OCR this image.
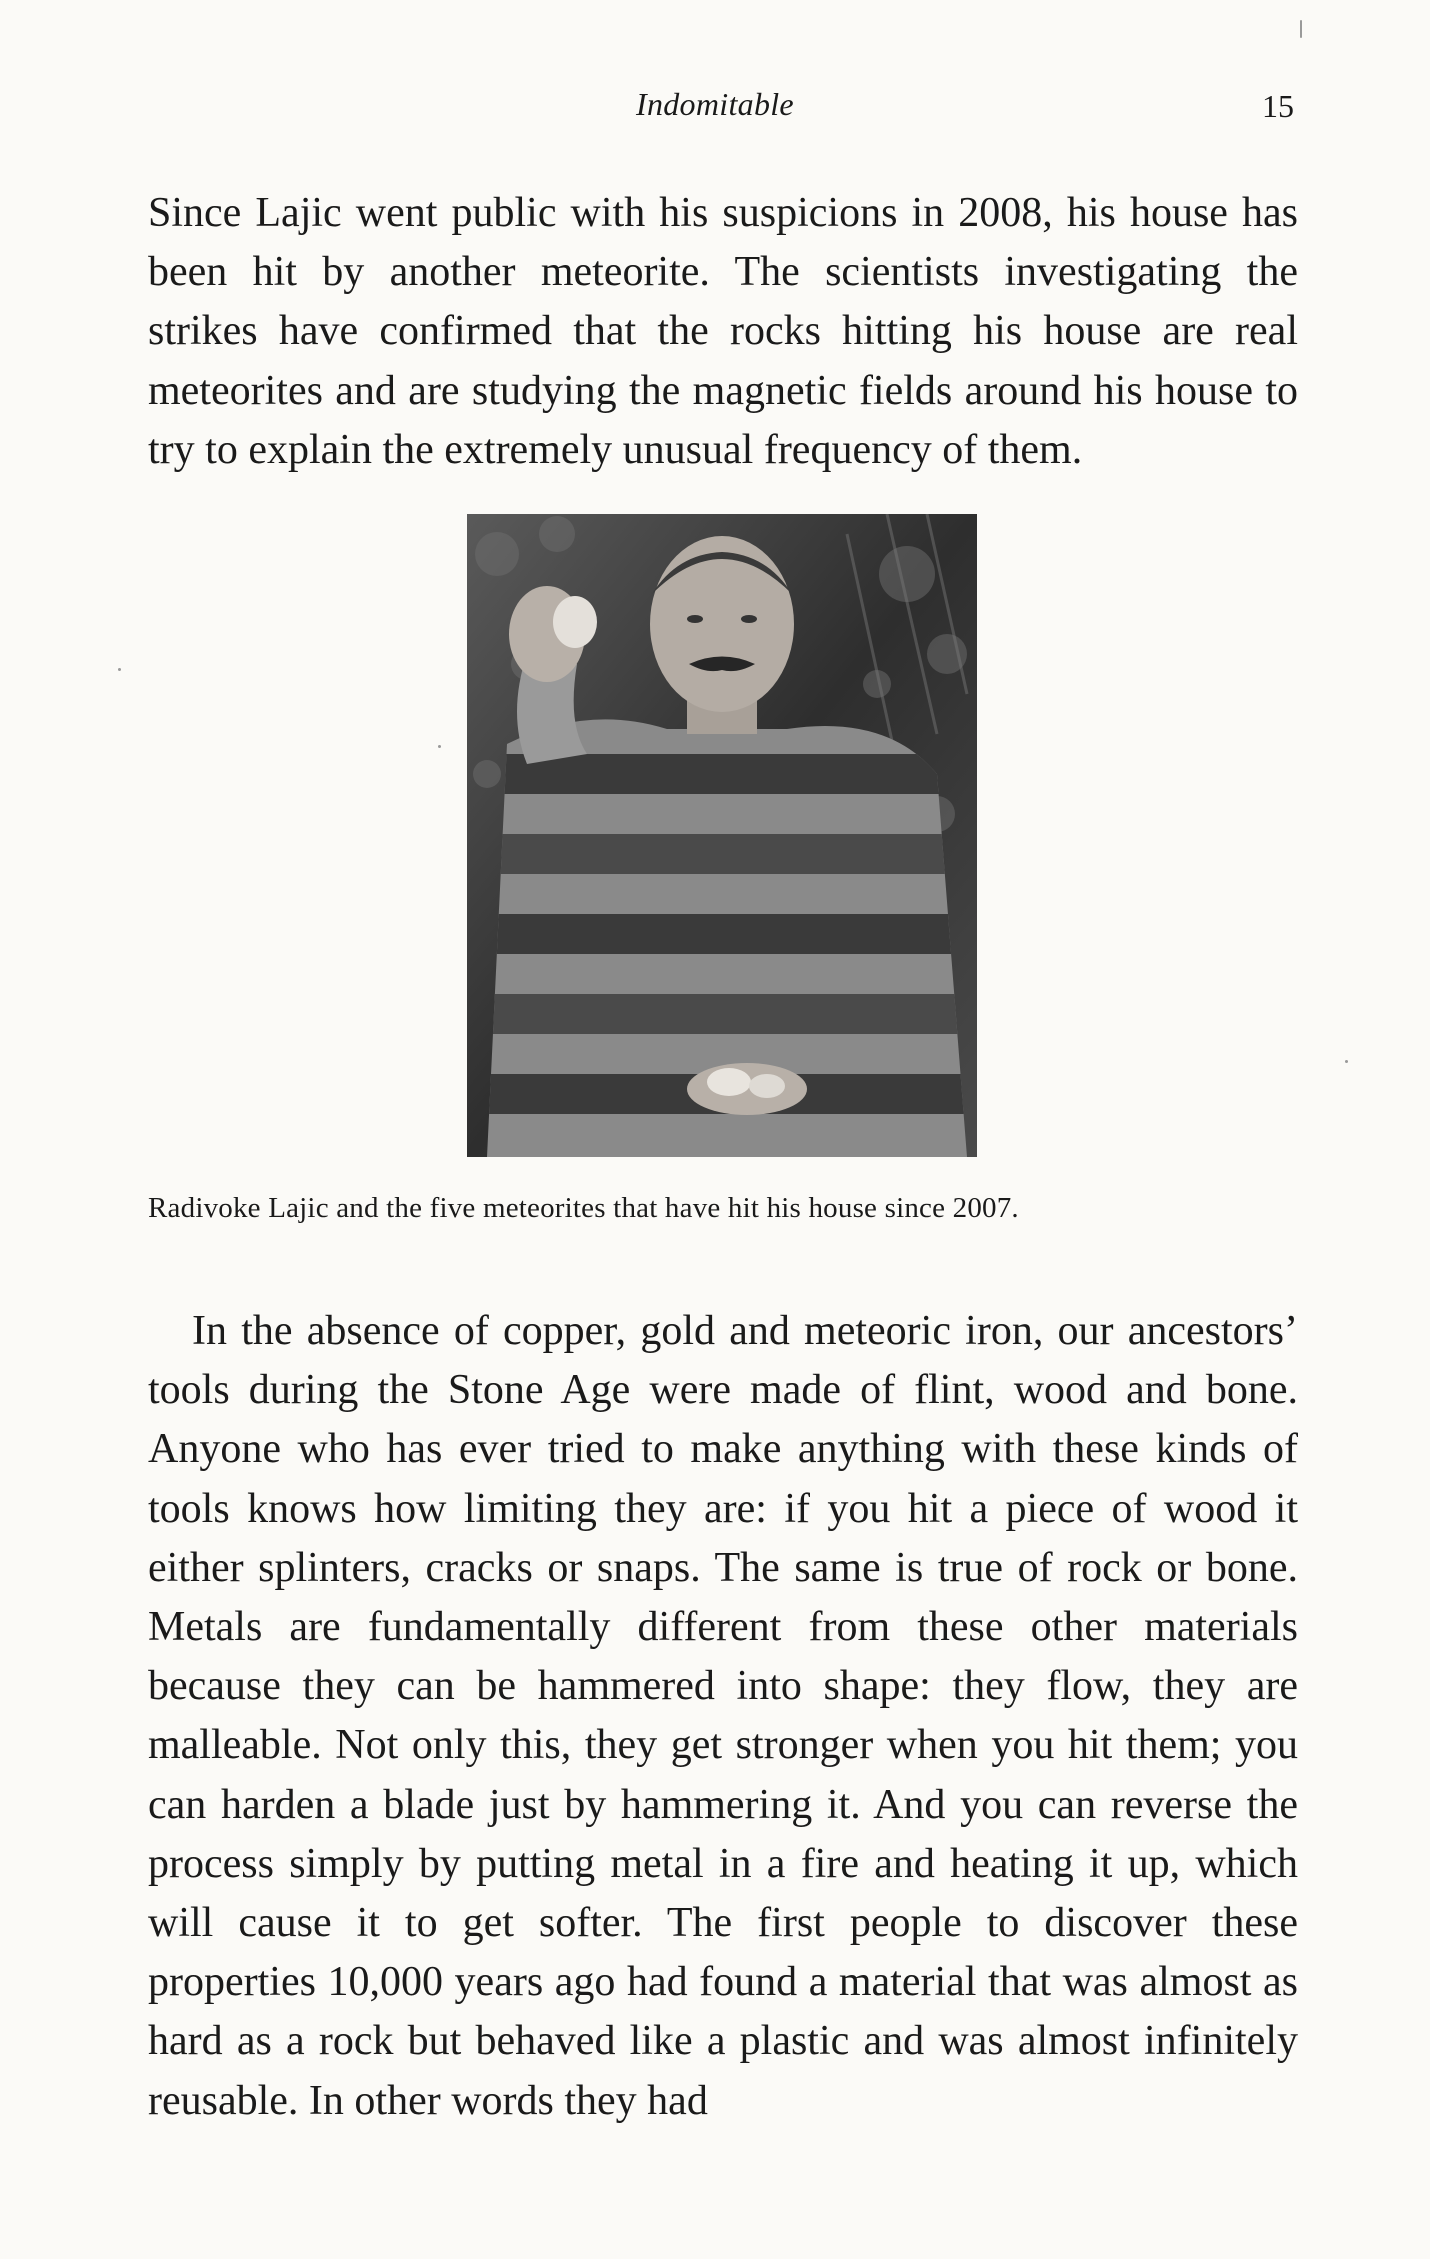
Indomitable	15

Since Lajic went public with his suspicions in 2008, his house has been hit by another meteorite. The scientists investigating the strikes have confirmed that the rocks hitting his house are real meteorites and are studying the magnetic fields around his house to try to explain the extremely unusual frequency of them.

Radivoke Lajic and the five meteorites that have hit his house since 2007.

In the absence of copper, gold and meteoric iron, our ancestors’ tools during the Stone Age were made of flint, wood and bone. Anyone who has ever tried to make anything with these kinds of tools knows how limiting they are: if you hit a piece of wood it either splinters, cracks or snaps. The same is true of rock or bone. Metals are fundamentally different from these other materials because they can be hammered into shape: they flow, they are malleable. Not only this, they get stronger when you hit them; you can harden a blade just by hammering it. And you can reverse the process simply by putting metal in a fire and heating it up, which will cause it to get softer. The first people to discover these properties 10,000 years ago had found a material that was almost as hard as a rock but behaved like a plastic and was almost infinitely reusable. In other words they had
